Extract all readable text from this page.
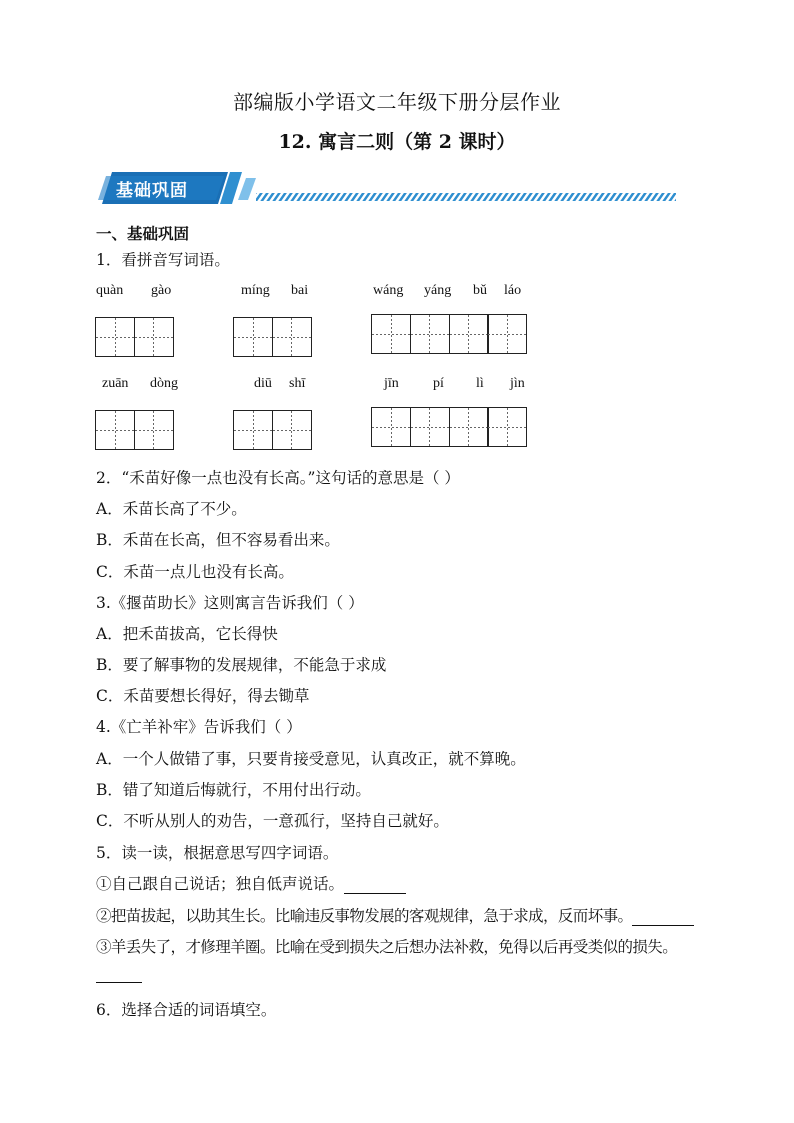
部编版小学语文二年级下册分层作业
12. 寓言二则（第 2 课时）
基础巩固
一、基础巩固
1．看拼音写词语。
quàn gào	míng bai	wáng yáng bǔ láo
zuān dòng	diū shī	jīn pí lì jìn
2．“禾苗好像一点也没有长高。”这句话的意思是（ ）
A．禾苗长高了不少。
B．禾苗在长高，但不容易看出来。
C．禾苗一点儿也没有长高。
3.《揠苗助长》这则寓言告诉我们（ ）
A．把禾苗拔高，它长得快
B．要了解事物的发展规律，不能急于求成
C．禾苗要想长得好，得去锄草
4.《亡羊补牢》告诉我们（ ）
A．一个人做错了事，只要肯接受意见，认真改正，就不算晚。
B．错了知道后悔就行，不用付出行动。
C．不听从别人的劝告，一意孤行，坚持自己就好。
5．读一读，根据意思写四字词语。
①自己跟自己说话；独自低声说话。
②把苗拔起，以助其生长。比喻违反事物发展的客观规律，急于求成，反而坏事。
③羊丢失了，才修理羊圈。比喻在受到损失之后想办法补救，免得以后再受类似的损失。
6．选择合适的词语填空。
